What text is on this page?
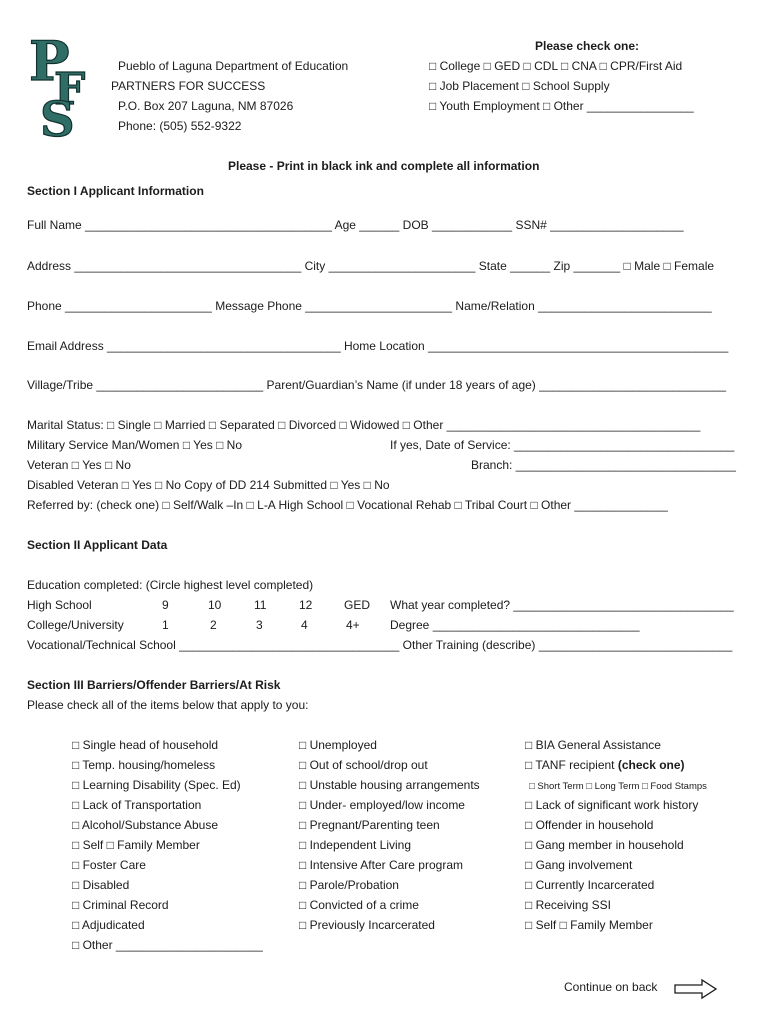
P
F
S
Pueblo of Laguna Department of Education
PARTNERS FOR SUCCESS
P.O. Box 207 Laguna, NM 87026
Phone: (505) 552-9322
Please check one:
□ College □ GED □ CDL □ CNA □ CPR/First Aid
□ Job Placement □ School Supply
□ Youth Employment □ Other ________________
Please - Print in black ink and complete all information
Section I Applicant Information
Full Name _____________________________________ Age ______ DOB ____________ SSN# ____________________
Address __________________________________ City ______________________ State ______ Zip _______ □ Male □ Female
Phone ______________________ Message Phone ______________________ Name/Relation __________________________
Email Address ___________________________________ Home Location _____________________________________________
Village/Tribe _________________________ Parent/Guardian’s Name (if under 18 years of age) ____________________________
Marital Status: □ Single □ Married □ Separated □ Divorced □ Widowed □ Other ______________________________________
Military Service Man/Women □ Yes □ No	If yes, Date of Service: _________________________________
Veteran □ Yes □ No	Branch: _________________________________
Disabled Veteran □ Yes □ No Copy of DD 214 Submitted □ Yes □ No
Referred by: (check one) □ Self/Walk –In □ L-A High School □ Vocational Rehab □ Tribal Court □ Other ______________
Section II Applicant Data
Education completed: (Circle highest level completed)
High School	9	10	11	12	GED What year completed? _________________________________
College/University	1	2	3	4	4+	Degree _______________________________
Vocational/Technical School _________________________________ Other Training (describe) _____________________________
Section III Barriers/Offender Barriers/At Risk
Please check all of the items below that apply to you:
□ Single head of household
□ Temp. housing/homeless
□ Learning Disability (Spec. Ed)
□ Lack of Transportation
□ Alcohol/Substance Abuse
□ Self □ Family Member
□ Foster Care
□ Disabled
□ Criminal Record
□ Adjudicated
□ Other ______________________
□ Unemployed
□ Out of school/drop out
□ Unstable housing arrangements
□ Under- employed/low income
□ Pregnant/Parenting teen
□ Independent Living
□ Intensive After Care program
□ Parole/Probation
□ Convicted of a crime
□ Previously Incarcerated
□ BIA General Assistance
□ TANF recipient (check one)
□ Short Term □ Long Term □ Food Stamps
□ Lack of significant work history
□ Offender in household
□ Gang member in household
□ Gang involvement
□ Currently Incarcerated
□ Receiving SSI
□ Self □ Family Member
Continue on back
